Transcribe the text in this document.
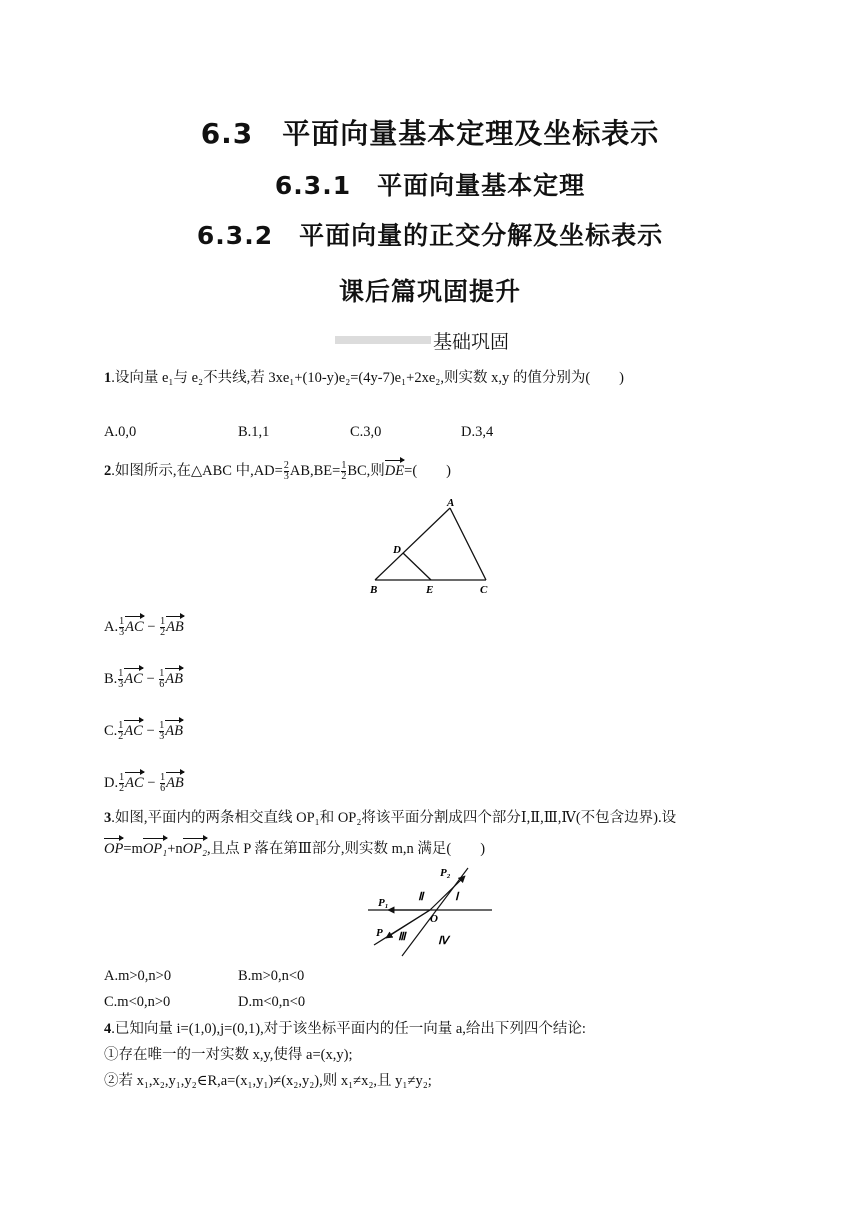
6.3　平面向量基本定理及坐标表示
6.3.1　平面向量基本定理
6.3.2　平面向量的正交分解及坐标表示
课后篇巩固提升
基础巩固
1.设向量 e₁与 e₂不共线,若 3xe₁+(10-y)e₂=(4y-7)e₁+2xe₂,则实数 x,y 的值分别为(　　)
A.0,0	B.1,1	C.3,0	D.3,4
2.如图所示,在△ABC 中$,AD= \frac{2}{3} AB,BE= \frac{1}{2}$ BC,则DE=(　　)
A
D
B	E	C
A. $\frac{1}{3}$ AC − $\frac{1}{2}$ AB
B. $\frac{1}{3}$ AC − $\frac{1}{6}$ AB
C. $\frac{1}{2}$ AC − $\frac{1}{3}$ AB
D. $\frac{1}{2}$ AC − $\frac{1}{6}$ AB
3.如图,平面内的两条相交直线 OP₁和 OP₂将该平面分割成四个部分Ⅰ,Ⅱ,Ⅲ,Ⅳ(不包含边界).设
OP=mOP₁+nOP₂,且点 P 落在第Ⅲ部分,则实数 m,n 满足(　　)
P₂
Ⅱ	Ⅰ
P₁
O
P Ⅲ	Ⅳ
A.m>0,n>0	B.m>0,n<0
C.m<0,n>0	D.m<0,n<0
4.已知向量 i=(1,0),j=(0,1),对于该坐标平面内的任一向量 a,给出下列四个结论:
①存在唯一的一对实数 x,y,使得 a=(x,y);
②若 x₁,x₂,y₁,y₂∈R,a=(x₁,y₁)≠(x₂,y₂),则 x₁≠x₂,且 y₁≠y₂;
